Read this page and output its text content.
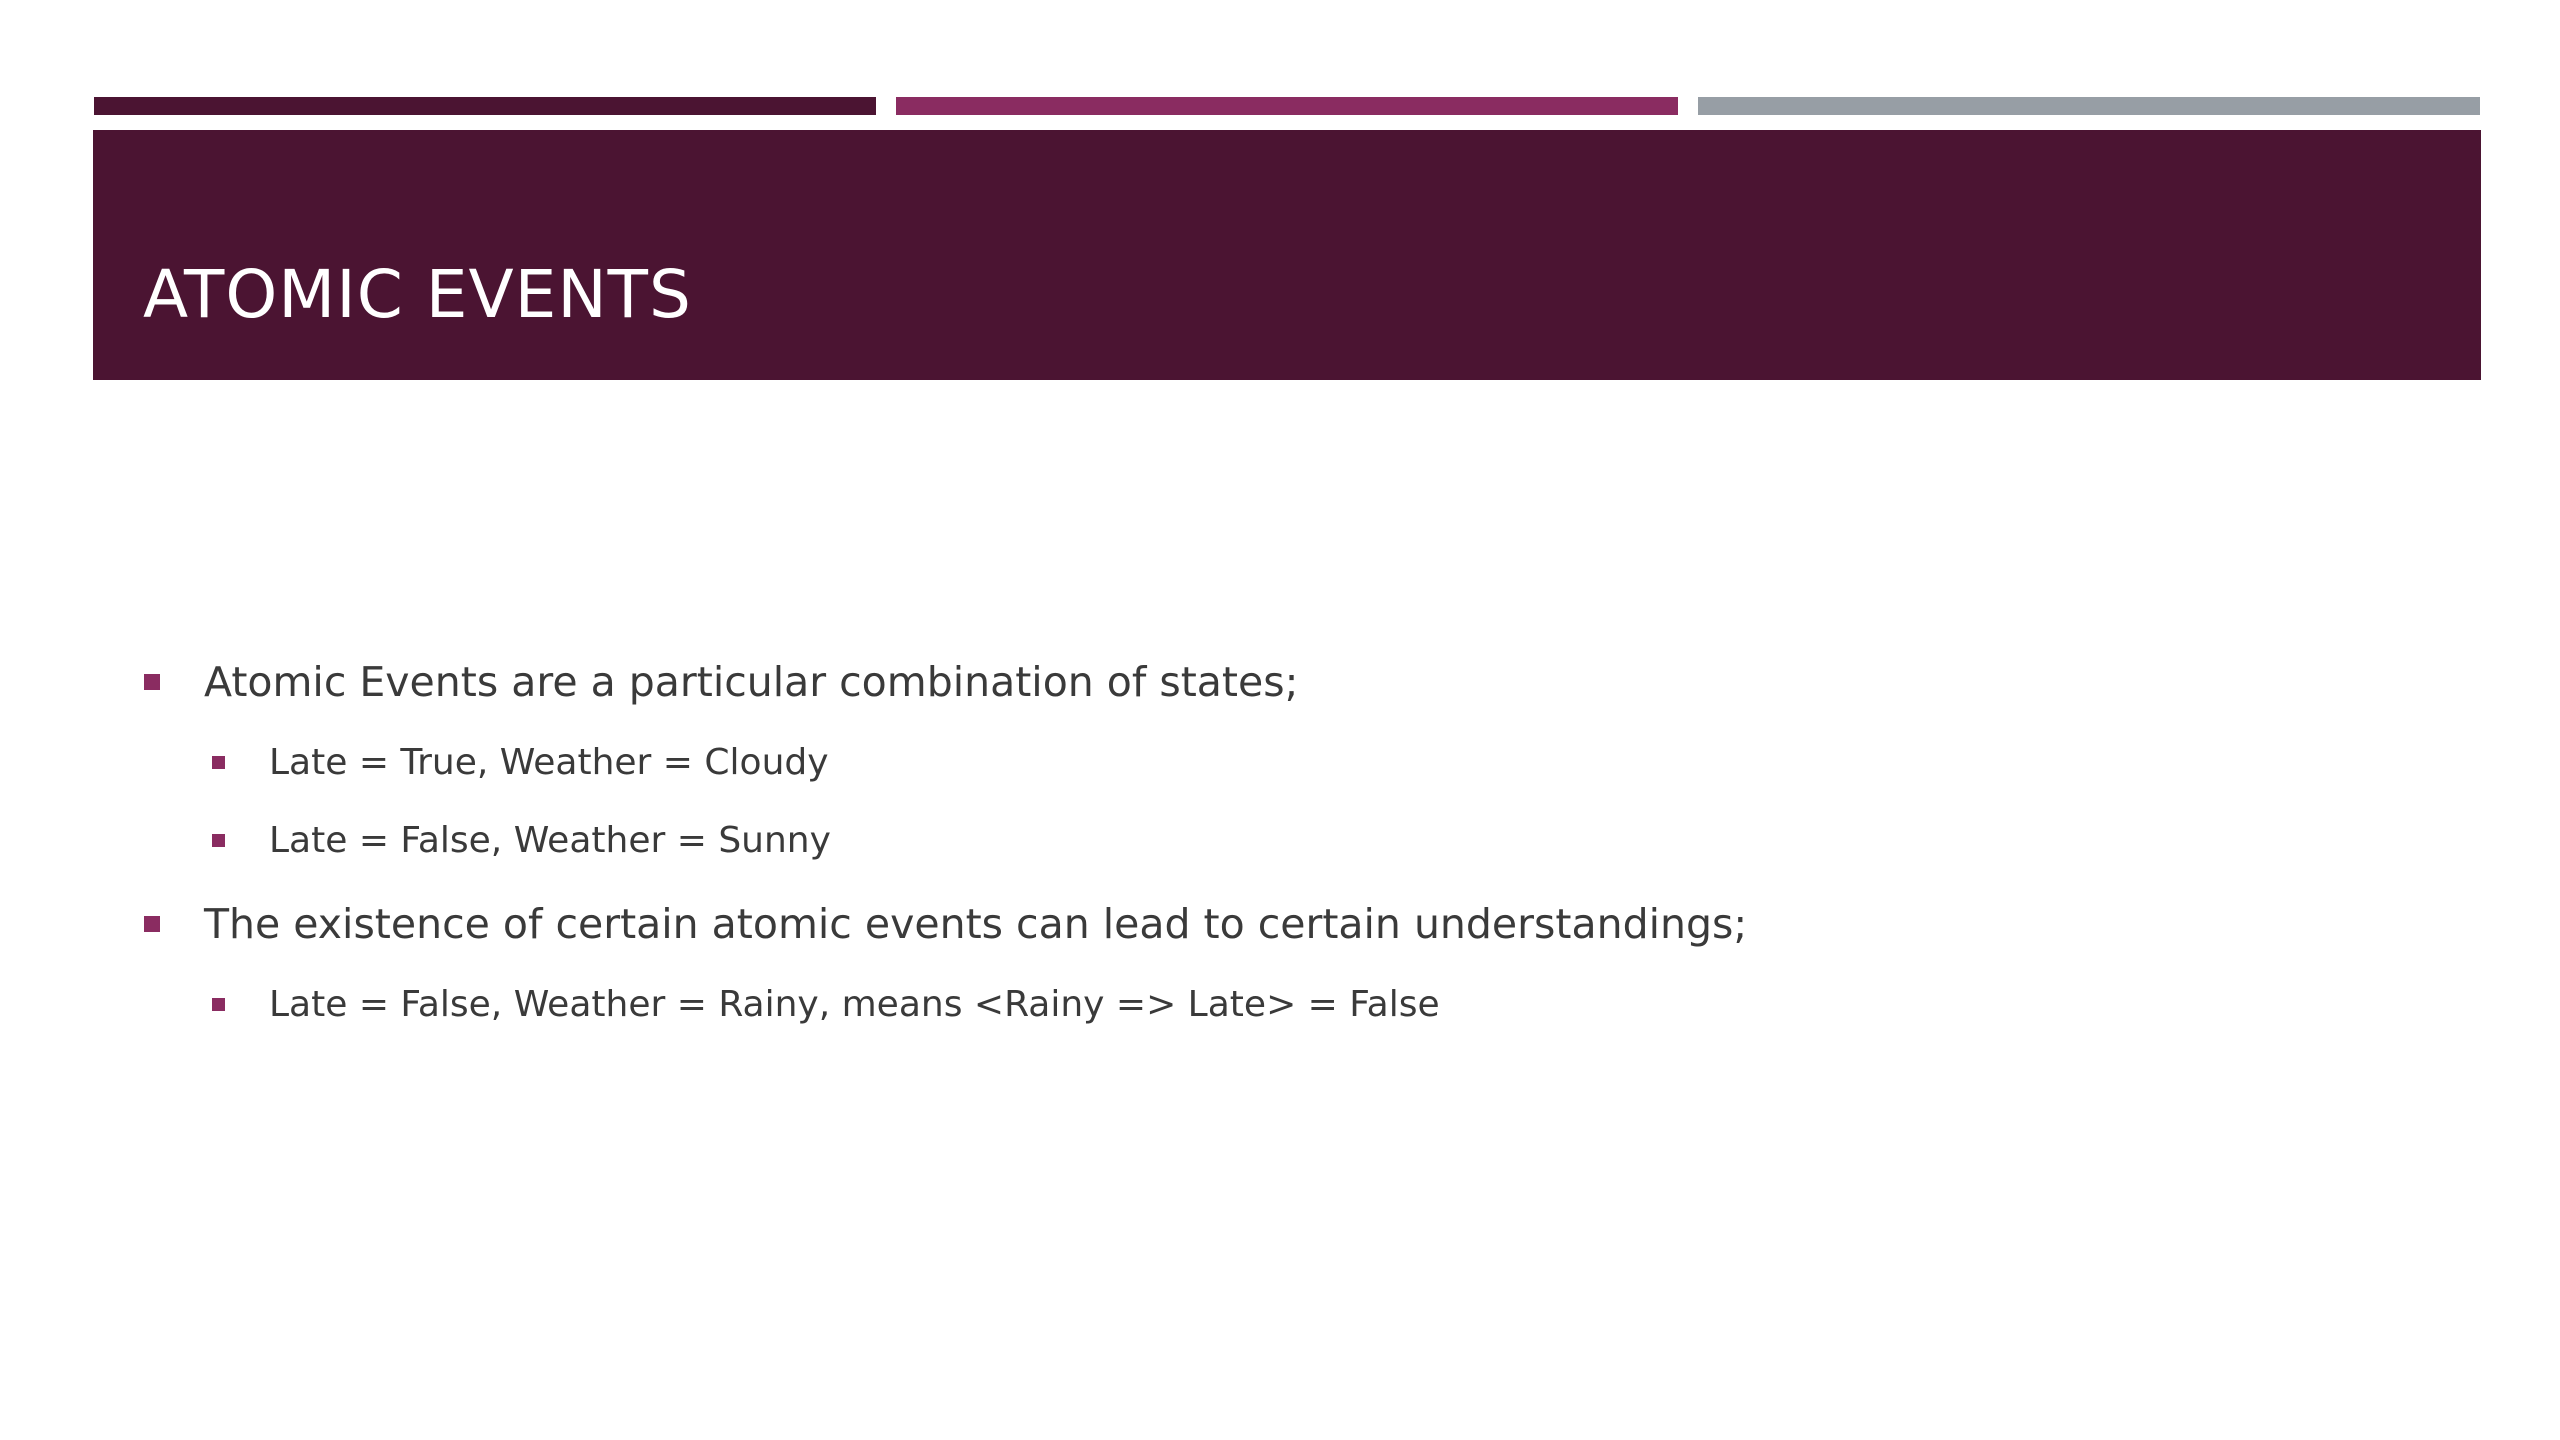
ATOMIC EVENTS
Atomic Events are a particular combination of states;
Late = True, Weather = Cloudy
Late = False, Weather = Sunny
The existence of certain atomic events can lead to certain understandings;
Late = False, Weather = Rainy, means <Rainy => Late> = False
